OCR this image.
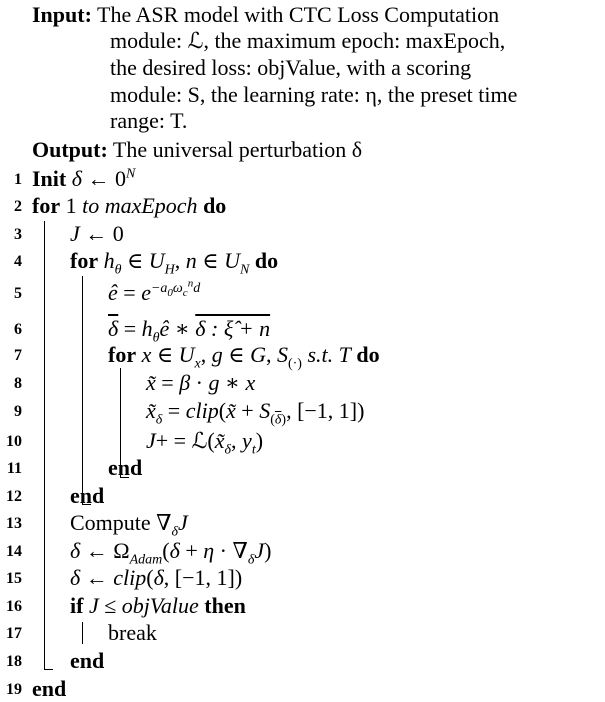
Input: The ASR model with CTC Loss Computation
module: ℒ, the maximum epoch: maxEpoch,
the desired loss: objValue, with a scoring
module: S, the learning rate: η, the preset time
range: T.
Output: The universal perturbation δ
1
2
3
4
5
6
7
8
9
10
11
12
13
14
15
16
17
18
19
Init δ ← $0^N$
for 1 to maxEpoch do
J ← 0
for $h_\theta$ ∈ $U_H$, n ∈ $U_N$ do
ê = $e^{-a_0\omega_c^nd}$
$\overline{\delta}$ = $h_\theta ê$ ∗ δ : ξ̂ + n
for x ∈ $U_x$, g ∈ G, $S_{(\cdot)}$ s.t. T do
x̃ = β · g ∗ x
$x̃_\delta$ = clip(x̃ + $S_{(\overline{\delta})}$, [−1, 1])
$J+ = ℒ(x̃_\delta$, $y_t$)
end
end
Compute $\nabla_\delta J$
δ ← $\Omega_{Adam}(\delta + \eta \cdot \nabla_\delta J)$
δ ← clip(δ, [−1, 1])
if J ≤ objValue then
break
end
end
